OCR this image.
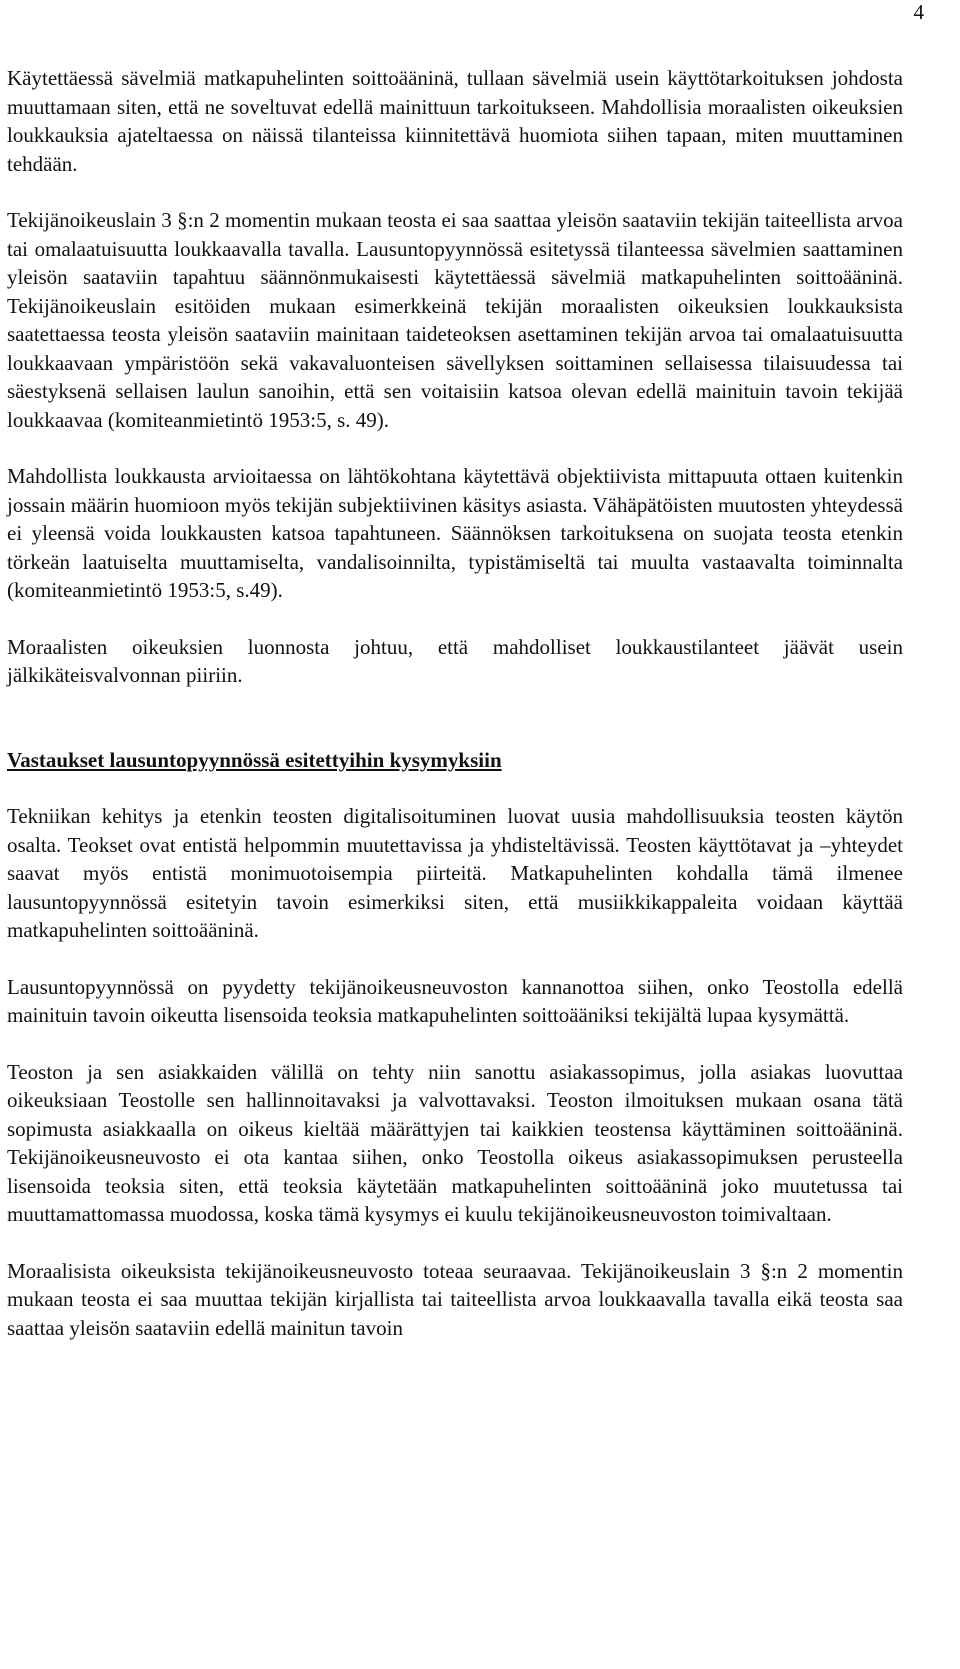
4

Käytettäessä sävelmiä matkapuhelinten soittoääninä, tullaan sävelmiä usein käyttötarkoituksen johdosta muuttamaan siten, että ne soveltuvat edellä mainittuun tarkoitukseen. Mahdollisia moraalisten oikeuksien loukkauksia ajateltaessa on näissä tilanteissa kiinnitettävä huomiota siihen tapaan, miten muuttaminen tehdään.

Tekijänoikeuslain 3 §:n 2 momentin mukaan teosta ei saa saattaa yleisön saataviin tekijän taiteellista arvoa tai omalaatuisuutta loukkaavalla tavalla. Lausuntopyynnössä esitetyssä tilanteessa sävelmien saattaminen yleisön saataviin tapahtuu säännönmukaisesti käytettäessä sävelmiä matkapuhelinten soittoääninä. Tekijänoikeuslain esitöiden mukaan esimerkkeinä tekijän moraalisten oikeuksien loukkauksista saatettaessa teosta yleisön saataviin mainitaan taideteoksen asettaminen tekijän arvoa tai omalaatuisuutta loukkaavaan ympäristöön sekä vakavaluonteisen sävellyksen soittaminen sellaisessa tilaisuudessa tai säestyksenä sellaisen laulun sanoihin, että sen voitaisiin katsoa olevan edellä mainituin tavoin tekijää loukkaavaa (komiteanmietintö 1953:5, s. 49).

Mahdollista loukkausta arvioitaessa on lähtökohtana käytettävä objektiivista mittapuuta ottaen kuitenkin jossain määrin huomioon myös tekijän subjektiivinen käsitys asiasta. Vähäpätöisten muutosten yhteydessä ei yleensä voida loukkausten katsoa tapahtuneen. Säännöksen tarkoituksena on suojata teosta etenkin törkeän laatuiselta muuttamiselta, vandalisoinnilta, typistämiseltä tai muulta vastaavalta toiminnalta (komiteanmietintö 1953:5, s.49).

Moraalisten oikeuksien luonnosta johtuu, että mahdolliset loukkaustilanteet jäävät usein jälkikäteisvalvonnan piiriin.

Vastaukset lausuntopyynnössä esitettyihin kysymyksiin

Tekniikan kehitys ja etenkin teosten digitalisoituminen luovat uusia mahdollisuuksia teosten käytön osalta. Teokset ovat entistä helpommin muutettavissa ja yhdisteltävissä. Teosten käyttötavat ja –yhteydet saavat myös entistä monimuotoisempia piirteitä. Matkapuhelinten kohdalla tämä ilmenee lausuntopyynnössä esitetyin tavoin esimerkiksi siten, että musiikkikappaleita voidaan käyttää matkapuhelinten soittoääninä.

Lausuntopyynnössä on pyydetty tekijänoikeusneuvoston kannanottoa siihen, onko Teostolla edellä mainituin tavoin oikeutta lisensoida teoksia matkapuhelinten soittoääniksi tekijältä lupaa kysymättä.

Teoston ja sen asiakkaiden välillä on tehty niin sanottu asiakassopimus, jolla asiakas luovuttaa oikeuksiaan Teostolle sen hallinnoitavaksi ja valvottavaksi. Teoston ilmoituksen mukaan osana tätä sopimusta asiakkaalla on oikeus kieltää määrättyjen tai kaikkien teostensa käyttäminen soittoääninä. Tekijänoikeusneuvosto ei ota kantaa siihen, onko Teostolla oikeus asiakassopimuksen perusteella lisensoida teoksia siten, että teoksia käytetään matkapuhelinten soittoääninä joko muutetussa tai muuttamattomassa muodossa, koska tämä kysymys ei kuulu tekijänoikeusneuvoston toimivaltaan.

Moraalisista oikeuksista tekijänoikeusneuvosto toteaa seuraavaa. Tekijänoikeuslain 3 §:n 2 momentin mukaan teosta ei saa muuttaa tekijän kirjallista tai taiteellista arvoa loukkaavalla tavalla eikä teosta saa saattaa yleisön saataviin edellä mainitun tavoin
